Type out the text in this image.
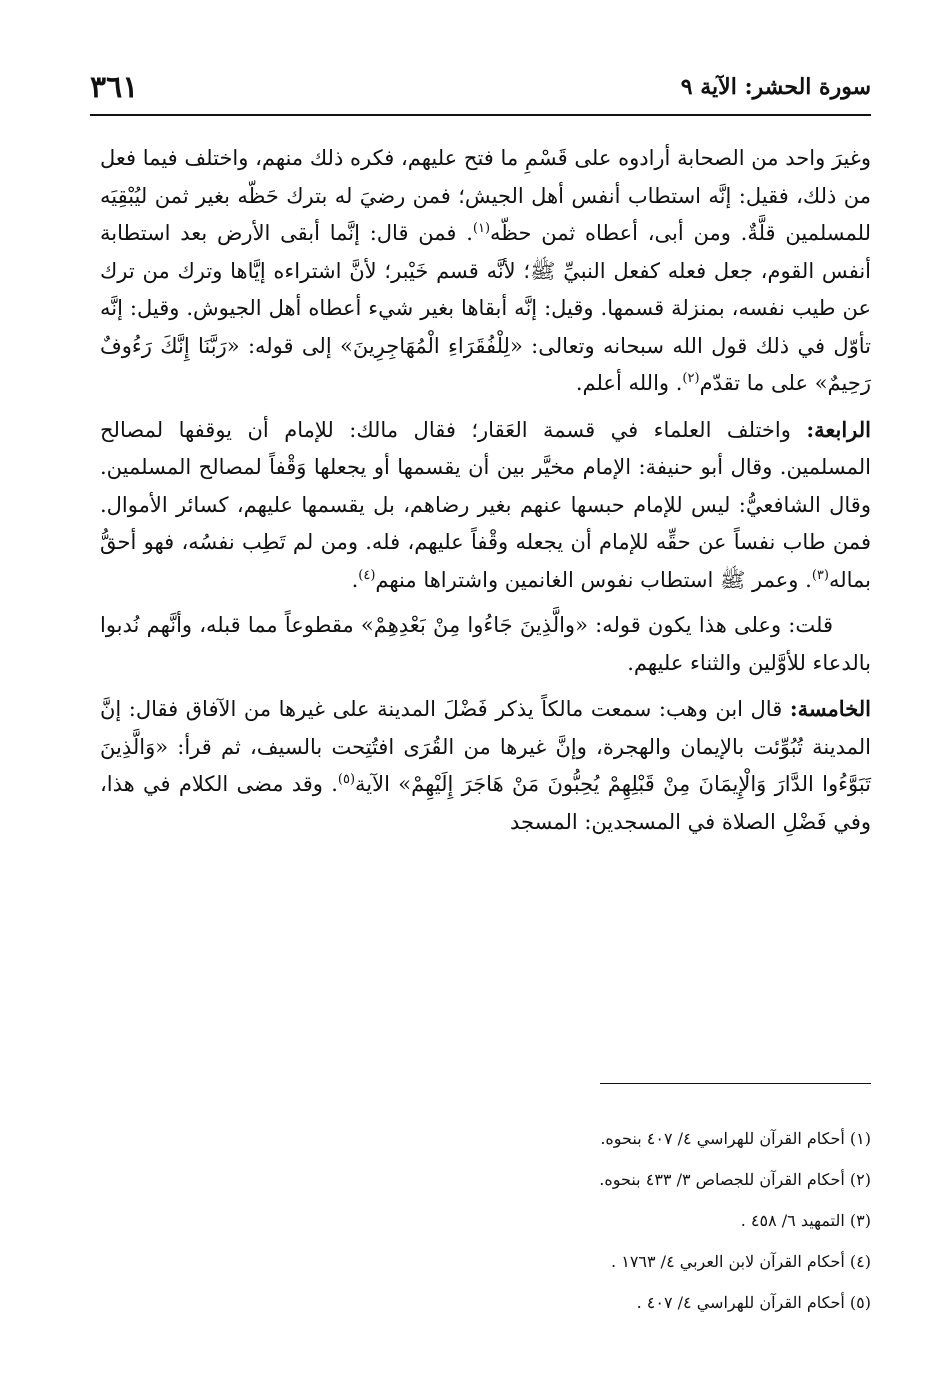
سورة الحشر: الآية ٩
٣٦١

وغيرَ واحد من الصحابة أرادوه على قَسْمِ ما فتح عليهم، فكره ذلك منهم، واختلف فيما فعل من ذلك، فقيل: إنَّه استطاب أنفس أهل الجيش؛ فمن رضيَ له بترك حَظّه بغير ثمن ليُبْقِيَه للمسلمين قلَّةٌ. ومن أبى، أعطاه ثمن حظّه$^{(١)}$. فمن قال: إنَّما أبقى الأرض بعد استطابة أنفس القوم، جعل فعله كفعل النبيِّ ﷺ؛ لأنَّه قسم خَيْبر؛ لأنَّ اشتراءه إيَّاها وترك من ترك عن طيب نفسه، بمنزلة قسمها. وقيل: إنَّه أبقاها بغير شيء أعطاه أهل الجيوش. وقيل: إنَّه تأوّل في ذلك قول الله سبحانه وتعالى: «لِلْفُقَرَاءِ الْمُهَاجِرِينَ» إلى قوله: «رَبَّنَا إِنَّكَ رَءُوفٌ رَحِيمٌ» على ما تقدّم$^{(٢)}$. والله أعلم.

الرابعة: واختلف العلماء في قسمة العَقار؛ فقال مالك: للإمام أن يوقفها لمصالح المسلمين. وقال أبو حنيفة: الإمام مخيَّر بين أن يقسمها أو يجعلها وَقْفاً لمصالح المسلمين. وقال الشافعيُّ: ليس للإمام حبسها عنهم بغير رضاهم، بل يقسمها عليهم، كسائر الأموال. فمن طاب نفساً عن حقِّه للإمام أن يجعله وقْفاً عليهم، فله. ومن لم تَطِب نفسُه، فهو أحقُّ بماله$^{(٣)}$. وعمر ﷺ استطاب نفوس الغانمين واشتراها منهم$^{(٤)}$.

قلت: وعلى هذا يكون قوله: «والَّذِينَ جَاءُوا مِنْ بَعْدِهِمْ» مقطوعاً مما قبله، وأنَّهم نُدبوا بالدعاء للأوَّلين والثناء عليهم.

الخامسة: قال ابن وهب: سمعت مالكاً يذكر فَضْلَ المدينة على غيرها من الآفاق فقال: إنَّ المدينة تُبُوِّئت بالإيمان والهجرة، وإنَّ غيرها من القُرَى افتُتِحت بالسيف، ثم قرأ: «وَالَّذِينَ تَبَوَّءُوا الدَّارَ وَالْإِيمَانَ مِنْ قَبْلِهِمْ يُحِبُّونَ مَنْ هَاجَرَ إِلَيْهِمْ» الآية$^{(٥)}$. وقد مضى الكلام في هذا، وفي فَضْلِ الصلاة في المسجدين: المسجد

(١) أحكام القرآن للهراسي ٤/ ٤٠٧ بنحوه.

(٢) أحكام القرآن للجصاص ٣/ ٤٣٣ بنحوه.

(٣) التمهيد ٦/ ٤٥٨ .

(٤) أحكام القرآن لابن العربي ٤/ ١٧٦٣ .

(٥) أحكام القرآن للهراسي ٤/ ٤٠٧ .
